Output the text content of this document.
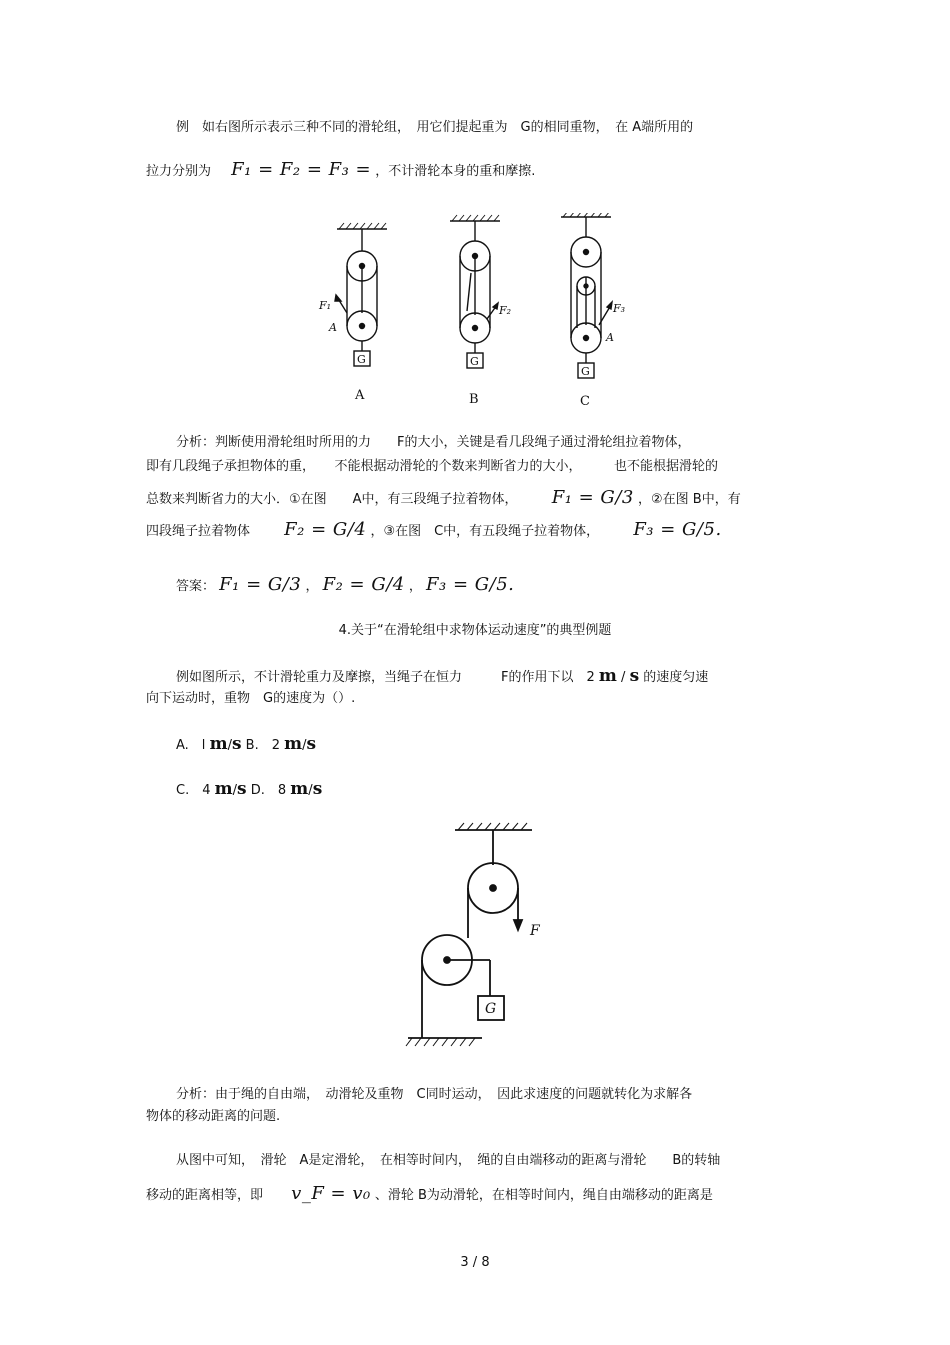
例　如右图所示表示三种不同的滑轮组，　用它们提起重为　G的相同重物，　在 A端所用的
拉力分别为 F₁ = F₂ = F₃ = ，不计滑轮本身的重和摩擦.
G
F₁
A
A
G
F₂
B
G
F₃
A
C
分析：判断使用滑轮组时所用的力　　F的大小，关键是看几段绳子通过滑轮组拉着物体，
即有几段绳子承担物体的重，　　不能根据动滑轮的个数来判断省力的大小，　　　也不能根据滑轮的
总数来判断省力的大小．①在图　　A中，有三段绳子拉着物体， F₁ = G/3 ，②在图 B中，有
四段绳子拉着物体 F₂ = G/4 ，③在图　C中，有五段绳子拉着物体， F₃ = G/5.
答案： F₁ = G/3 ， F₂ = G/4 ， F₃ = G/5.
4.关于“在滑轮组中求物体运动速度”的典型例题
例如图所示，不计滑轮重力及摩擦，当绳子在恒力　　　F的作用下以　2 m / s 的速度匀速
向下运动时，重物　G的速度为（）.
A.　l m/s B.　2 m/s
C.　4 m/s D.　8 m/s
F
G
分析：由于绳的自由端，　动滑轮及重物　C同时运动，　因此求速度的问题就转化为求解各
物体的移动距离的问题.
从图中可知，　滑轮　A是定滑轮，　在相等时间内，　绳的自由端移动的距离与滑轮　　B的转轴
移动的距离相等，即 v_F = v₀ 、滑轮 B为动滑轮，在相等时间内，绳自由端移动的距离是
3 / 8
